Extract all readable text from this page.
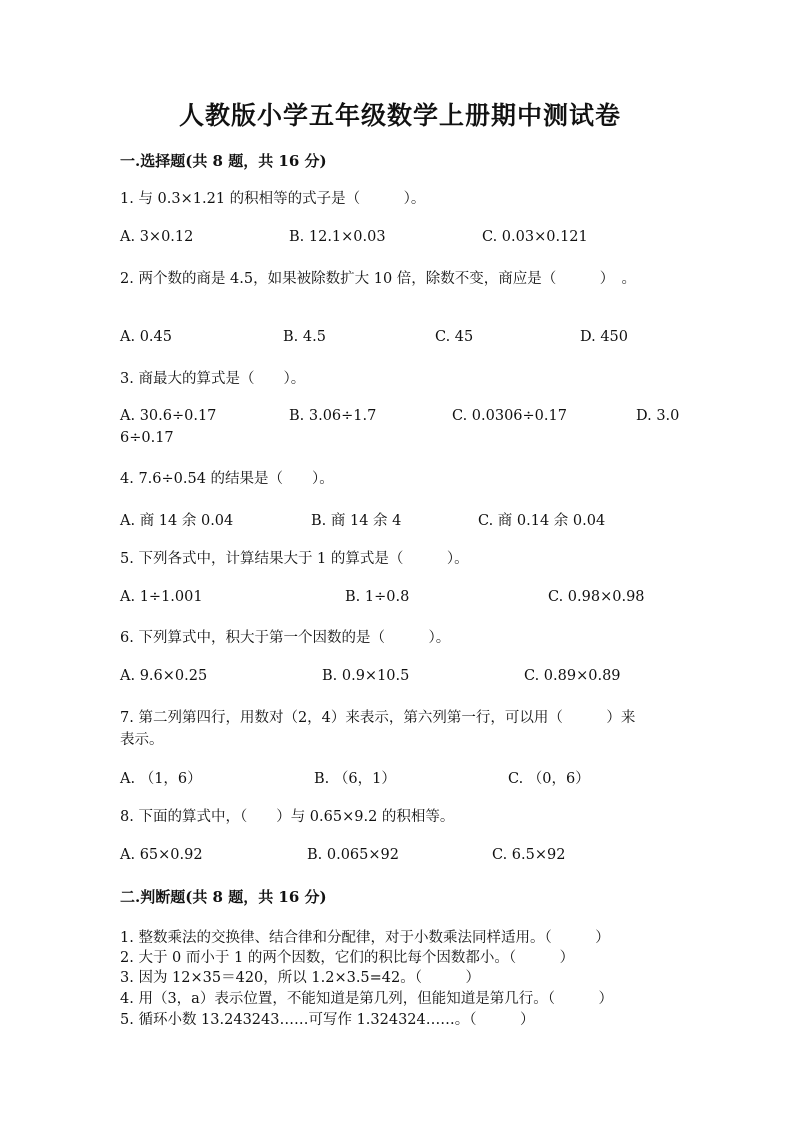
人教版小学五年级数学上册期中测试卷
一.选择题(共 8 题，共 16 分)
1. 与 0.3×1.21 的积相等的式子是（　　　）。
A. 3×0.12	B. 12.1×0.03	C. 0.03×0.121
2. 两个数的商是 4.5，如果被除数扩大 10 倍，除数不变，商应是（　　　）　。
A. 0.45	B. 4.5	C. 45	D. 450
3. 商最大的算式是（　　）。
A. 30.6÷0.17	B. 3.06÷1.7	C. 0.0306÷0.17	D. 3.0
6÷0.17
4. 7.6÷0.54 的结果是（　　）。
A. 商 14 余 0.04	B. 商 14 余 4	C. 商 0.14 余 0.04
5. 下列各式中，计算结果大于 1 的算式是（　　　）。
A. 1÷1.001	B. 1÷0.8	C. 0.98×0.98
6. 下列算式中，积大于第一个因数的是（　　　）。
A. 9.6×0.25	B. 0.9×10.5	C. 0.89×0.89
7. 第二列第四行，用数对（2，4）来表示，第六列第一行，可以用（　　　）来
表示。
A. （1，6）	B. （6，1）	C. （0，6）
8. 下面的算式中，（　　）与 0.65×9.2 的积相等。
A. 65×0.92	B. 0.065×92	C. 6.5×92
二.判断题(共 8 题，共 16 分)
1. 整数乘法的交换律、结合律和分配律，对于小数乘法同样适用。（　　　）
2. 大于 0 而小于 1 的两个因数，它们的积比每个因数都小。（　　　）
3. 因为 12×35＝420，所以 1.2×3.5=42。（　　　）
4. 用（3，a）表示位置，不能知道是第几列，但能知道是第几行。（　　　）
5. 循环小数 13.243243……可写作 1.324324……。（　　　）
